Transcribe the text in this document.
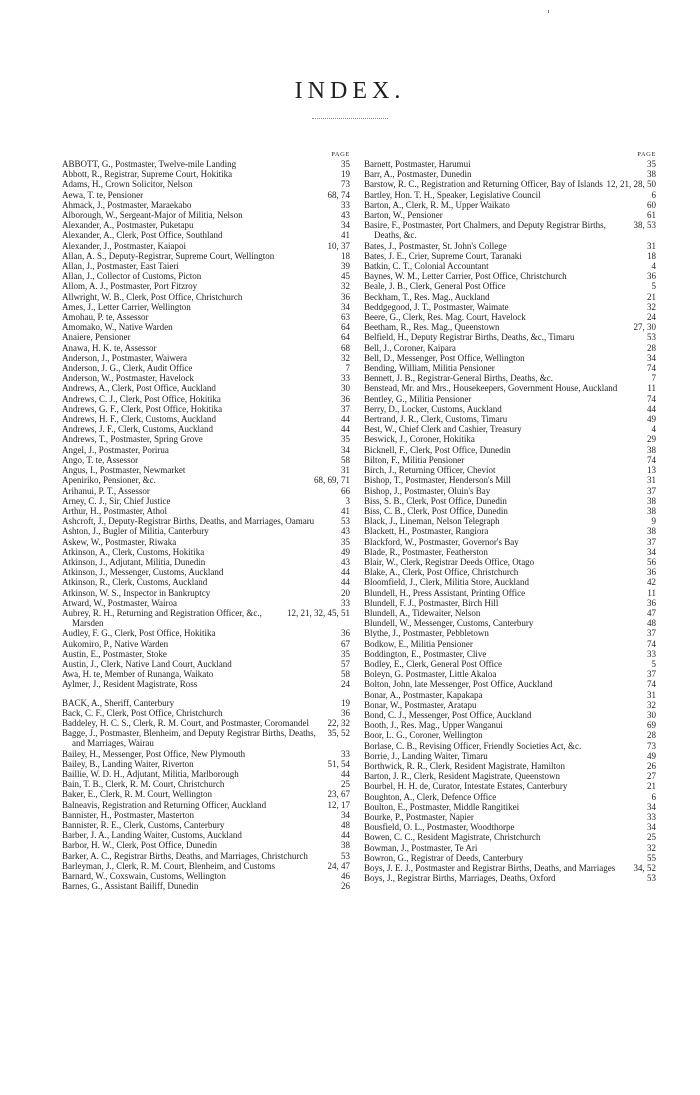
INDEX.
PAGE
35
ABBOTT, G., Postmaster, Twelve-mile Landing
19
Abbott, R., Registrar, Supreme Court, Hokitika
73
Adams, H., Crown Solicitor, Nelson
68, 74
Aewa, T. te, Pensioner
33
Ahmack, J., Postmaster, Maraekabo
43
Alborough, W., Sergeant-Major of Militia, Nelson
34
Alexander, A., Postmaster, Puketapu
41
Alexander, A., Clerk, Post Office, Southland
10, 37
Alexander, J., Postmaster, Kaiapoi
18
Allan, A. S., Deputy-Registrar, Supreme Court, Wellington
39
Allan, J., Postmaster, East Taieri
45
Allan, J., Collector of Customs, Picton
32
Allom, A. J., Postmaster, Port Fitzroy
36
Allwright, W. B., Clerk, Post Office, Christchurch
34
Ames, J., Letter Carrier, Wellington
63
Amohau, P. te, Assessor
64
Amomako, W., Native Warden
64
Anaiere, Pensioner
68
Anawa, H. K. te, Assessor
32
Anderson, J., Postmaster, Waiwera
7
Anderson, J. G., Clerk, Audit Office
33
Anderson, W., Postmaster, Havelock
30
Andrews, A., Clerk, Post Office, Auckland
36
Andrews, C. J., Clerk, Post Office, Hokitika
37
Andrews, G. F., Clerk, Post Office, Hokitika
44
Andrews, H. F., Clerk, Customs, Auckland
44
Andrews, J. F., Clerk, Customs, Auckland
35
Andrews, T., Postmaster, Spring Grove
34
Angel, J., Postmaster, Porirua
58
Ango, T. te, Assessor
31
Angus, I., Postmaster, Newmarket
68, 69, 71
Apeniriko, Pensioner, &c.
66
Arihanui, P. T., Assessor
3
Arney, C. J., Sir, Chief Justice
41
Arthur, H., Postmaster, Athol
53
Ashcroft, J., Deputy-Registrar Births, Deaths, and Marriages, Oamaru
43
Ashton, J., Bugler of Militia, Canterbury
35
Askew, W., Postmaster, Riwaka
49
Atkinson, A., Clerk, Customs, Hokitika
43
Atkinson, J., Adjutant, Militia, Dunedin
44
Atkinson, J., Messenger, Customs, Auckland
44
Atkinson, R., Clerk, Customs, Auckland
20
Atkinson, W. S., Inspector in Bankruptcy
33
Atward, W., Postmaster, Wairoa
12, 21, 32, 45, 51
Aubrey, R. H., Returning and Registration Officer, &c., Marsden
36
Audley, F. G., Clerk, Post Office, Hokitika
67
Aukomiro, P., Native Warden
35
Austin, E., Postmaster, Stoke
57
Austin, J., Clerk, Native Land Court, Auckland
58
Awa, H. te, Member of Runanga, Waikato
24
Aylmer, J., Resident Magistrate, Ross
19
BACK, A., Sheriff, Canterbury
36
Back, C. F., Clerk, Post Office, Christchurch
22, 32
Baddeley, H. C. S., Clerk, R. M. Court, and Postmaster, Coromandel
35, 52
Bagge, J., Postmaster, Blenheim, and Deputy Registrar Births, Deaths, and Marriages, Wairau
33
Bailey, H., Messenger, Post Office, New Plymouth
51, 54
Bailey, B., Landing Waiter, Riverton
44
Baillie, W. D. H., Adjutant, Militia, Marlborough
25
Bain, T. B., Clerk, R. M. Court, Christchurch
23, 67
Baker, E., Clerk, R. M. Court, Wellington
12, 17
Balneavis, Registration and Returning Officer, Auckland
34
Bannister, H., Postmaster, Masterton
48
Bannister, R. E., Clerk, Customs, Canterbury
44
Barber, J. A., Landing Waiter, Customs, Auckland
38
Barbor, H. W., Clerk, Post Office, Dunedin
53
Barker, A. C., Registrar Births, Deaths, and Marriages, Christchurch
24, 47
Barleyman, J., Clerk, R. M. Court, Blenheim, and Customs
46
Barnard, W., Coxswain, Customs, Wellington
26
Barnes, G., Assistant Bailiff, Dunedin
PAGE
35
Barnett, Postmaster, Harumui
38
Barr, A., Postmaster, Dunedin
12, 21, 28, 50
Barstow, R. C., Registration and Returning Officer, Bay of Islands
6
Bartley, Hon. T. H., Speaker, Legislative Council
60
Barton, A., Clerk, R. M., Upper Waikato
61
Barton, W., Pensioner
38, 53
Basire, F., Postmaster, Port Chalmers, and Deputy Registrar Births, Deaths, &c.
31
Bates, J., Postmaster, St. John's College
18
Bates, J. E., Crier, Supreme Court, Taranaki
4
Batkin, C. T., Colonial Accountant
36
Baynes, W. M., Letter Carrier, Post Office, Christchurch
5
Beale, J. B., Clerk, General Post Office
21
Beckham, T., Res. Mag., Auckland
32
Beddgegood, J. T., Postmaster, Waimate
24
Beere, G., Clerk, Res. Mag. Court, Havelock
27, 30
Beetham, R., Res. Mag., Queenstown
53
Belfield, H., Deputy Registrar Births, Deaths, &c., Timaru
28
Bell, J., Coroner, Kaipara
34
Bell, D., Messenger, Post Office, Wellington
74
Bending, William, Militia Pensioner
7
Bennett, J. B., Registrar-General Births, Deaths, &c.
11
Benstead, Mr. and Mrs., Housekeepers, Government House, Auckland
74
Bentley, G., Militia Pensioner
44
Berry, D., Locker, Customs, Auckland
49
Bertrand, J. R., Clerk, Customs, Timaru
4
Best, W., Chief Clerk and Cashier, Treasury
29
Beswick, J., Coroner, Hokitika
38
Bicknell, F., Clerk, Post Office, Dunedin
74
Bilton, F., Militia Pensioner
13
Birch, J., Returning Officer, Cheviot
31
Bishop, T., Postmaster, Henderson's Mill
37
Bishop, J., Postmaster, Oluin's Bay
38
Biss, S. B., Clerk, Post Office, Dunedin
38
Biss, C. B., Clerk, Post Office, Dunedin
9
Black, J., Lineman, Nelson Telegraph
38
Blackett, H., Postmaster, Rangiora
37
Blackford, W., Postmaster, Governor's Bay
34
Blade, R., Postmaster, Featherston
56
Blair, W., Clerk, Registrar Deeds Office, Otago
36
Blake, A., Clerk, Post Office, Christchurch
42
Bloomfield, J., Clerk, Militia Store, Auckland
11
Blundell, H., Press Assistant, Printing Office
36
Blundell, F. J., Postmaster, Birch Hill
47
Blundell, A., Tidewaiter, Nelson
48
Blundell, W., Messenger, Customs, Canterbury
37
Blythe, J., Postmaster, Pebbletown
74
Bodkow, E., Militia Pensioner
33
Boddington, E., Postmaster, Clive
5
Bodley, E., Clerk, General Post Office
37
Boleyn, G. Postmaster, Little Akaloa
74
Bolton, John, late Messenger, Post Office, Auckland
31
Bonar, A., Postmaster, Kapakapa
32
Bonar, W., Postmaster, Aratapu
30
Bond, C. J., Messenger, Post Office, Auckland
69
Booth, J., Res. Mag., Upper Wanganui
28
Boor, L. G., Coroner, Wellington
73
Borlase, C. B., Revising Officer, Friendly Societies Act, &c.
49
Borrie, J., Landing Waiter, Timaru
26
Borthwick, R. R., Clerk, Resident Magistrate, Hamilton
27
Barton, J. R., Clerk, Resident Magistrate, Queenstown
21
Bourbel, H. H. de, Curator, Intestate Estates, Canterbury
6
Boughton, A., Clerk, Defence Office
34
Boulton, E., Postmaster, Middle Rangitikei
33
Bourke, P., Postmaster, Napier
34
Bousfield, O. L., Postmaster, Woodthorpe
25
Bowen, C. C., Resident Magistrate, Christchurch
32
Bowman, J., Postmaster, Te Ari
55
Bowron, G., Registrar of Deeds, Canterbury
34, 52
Boys, J. E. J., Postmaster and Registrar Births, Deaths, and Marriages
53
Boys, J., Registrar Births, Marriages, Deaths, Oxford
